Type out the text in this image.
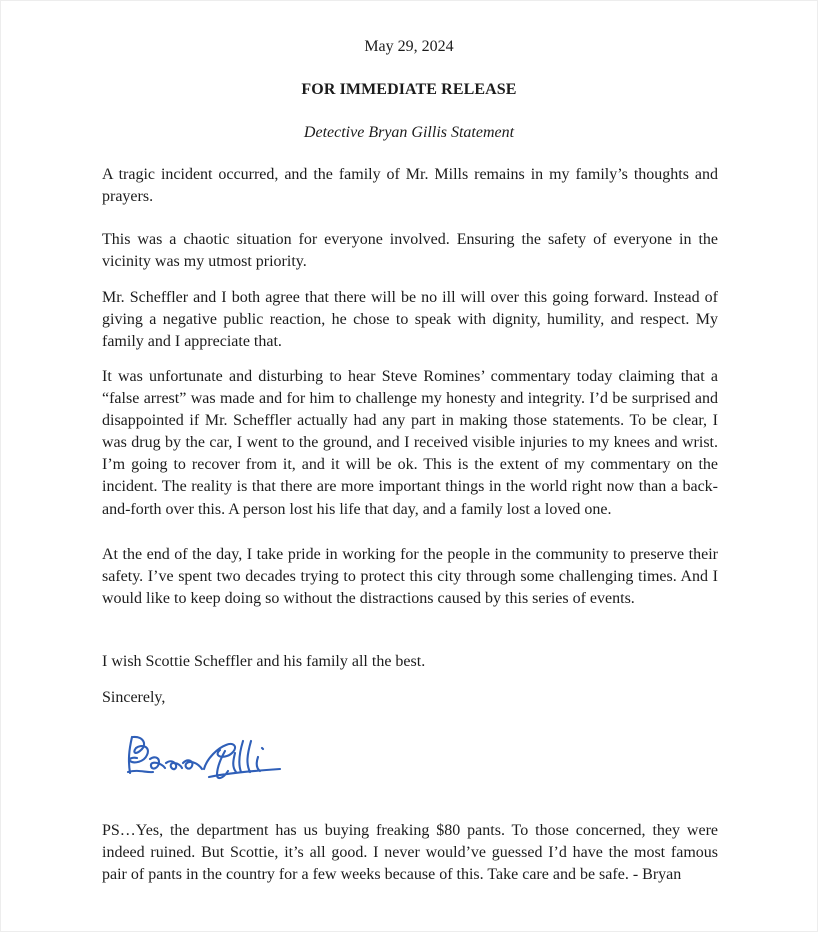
May 29, 2024

FOR IMMEDIATE RELEASE

Detective Bryan Gillis Statement

A tragic incident occurred, and the family of Mr. Mills remains in my family’s thoughts and prayers.

This was a chaotic situation for everyone involved. Ensuring the safety of everyone in the vicinity was my utmost priority.

Mr. Scheffler and I both agree that there will be no ill will over this going forward. Instead of giving a negative public reaction, he chose to speak with dignity, humility, and respect. My family and I appreciate that.

It was unfortunate and disturbing to hear Steve Romines’ commentary today claiming that a “false arrest” was made and for him to challenge my honesty and integrity. I’d be surprised and disappointed if Mr. Scheffler actually had any part in making those statements. To be clear, I was drug by the car, I went to the ground, and I received visible injuries to my knees and wrist. I’m going to recover from it, and it will be ok. This is the extent of my commentary on the incident. The reality is that there are more important things in the world right now than a back-and-forth over this. A person lost his life that day, and a family lost a loved one.

At the end of the day, I take pride in working for the people in the community to preserve their safety. I’ve spent two decades trying to protect this city through some challenging times. And I would like to keep doing so without the distractions caused by this series of events.

I wish Scottie Scheffler and his family all the best.

Sincerely,

PS…Yes, the department has us buying freaking $80 pants. To those concerned, they were indeed ruined. But Scottie, it’s all good. I never would’ve guessed I’d have the most famous pair of pants in the country for a few weeks because of this. Take care and be safe. - Bryan
